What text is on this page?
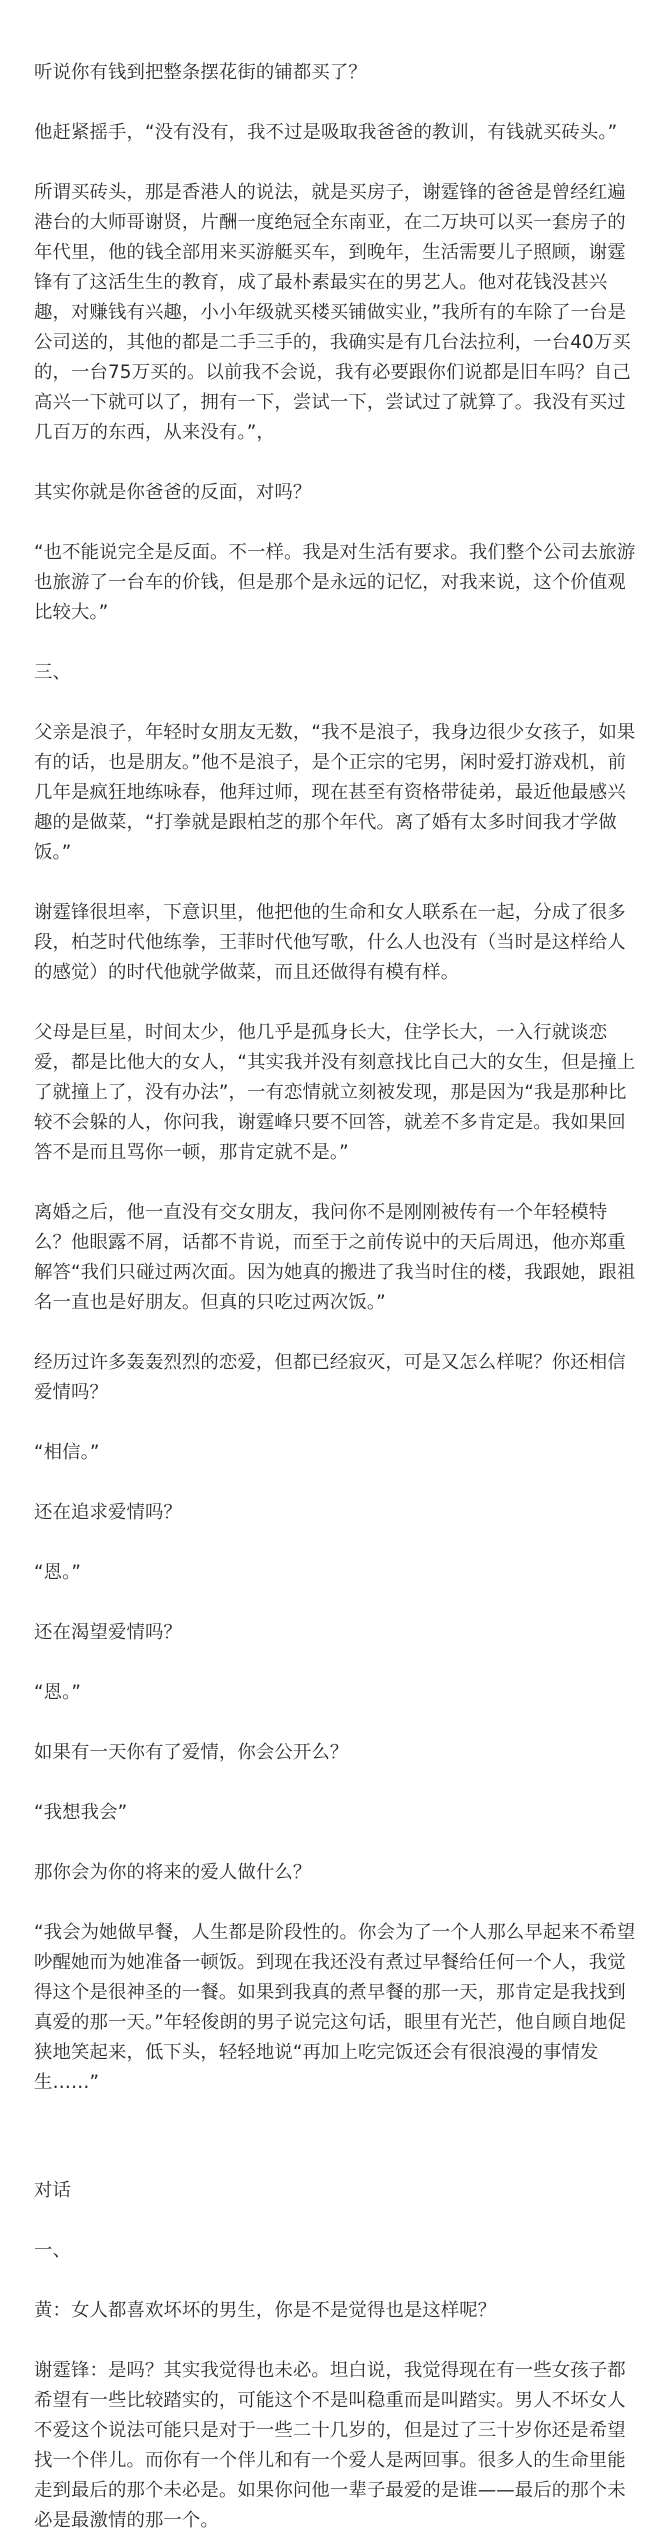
听说你有钱到把整条摆花街的铺都买了？

他赶紧摇手，“没有没有，我不过是吸取我爸爸的教训，有钱就买砖头。”

所谓买砖头，那是香港人的说法，就是买房子，谢霆锋的爸爸是曾经红遍港台的大师哥谢贤，片酬一度绝冠全东南亚，在二万块可以买一套房子的年代里，他的钱全部用来买游艇买车，到晚年，生活需要儿子照顾，谢霆锋有了这活生生的教育，成了最朴素最实在的男艺人。他对花钱没甚兴趣，对赚钱有兴趣，小小年级就买楼买铺做实业，”我所有的车除了一台是公司送的，其他的都是二手三手的，我确实是有几台法拉利，一台40万买的，一台75万买的。以前我不会说，我有必要跟你们说都是旧车吗？自己高兴一下就可以了，拥有一下，尝试一下，尝试过了就算了。我没有买过几百万的东西，从来没有。”，

其实你就是你爸爸的反面，对吗？

“也不能说完全是反面。不一样。我是对生活有要求。我们整个公司去旅游也旅游了一台车的价钱，但是那个是永远的记忆，对我来说，这个价值观比较大。”

三、

父亲是浪子，年轻时女朋友无数，“我不是浪子，我身边很少女孩子，如果有的话，也是朋友。”他不是浪子，是个正宗的宅男，闲时爱打游戏机，前几年是疯狂地练咏春，他拜过师，现在甚至有资格带徒弟，最近他最感兴趣的是做菜，“打拳就是跟柏芝的那个年代。离了婚有太多时间我才学做饭。”

谢霆锋很坦率，下意识里，他把他的生命和女人联系在一起，分成了很多段，柏芝时代他练拳，王菲时代他写歌，什么人也没有（当时是这样给人的感觉）的时代他就学做菜，而且还做得有模有样。

父母是巨星，时间太少，他几乎是孤身长大，住学长大，一入行就谈恋爱，都是比他大的女人，“其实我并没有刻意找比自己大的女生，但是撞上了就撞上了，没有办法”，一有恋情就立刻被发现，那是因为“我是那种比较不会躲的人，你问我，谢霆峰只要不回答，就差不多肯定是。我如果回答不是而且骂你一顿，那肯定就不是。”

离婚之后，他一直没有交女朋友，我问你不是刚刚被传有一个年轻模特么？他眼露不屑，话都不肯说，而至于之前传说中的天后周迅，他亦郑重解答“我们只碰过两次面。因为她真的搬进了我当时住的楼，我跟她，跟祖名一直也是好朋友。但真的只吃过两次饭。”

经历过许多轰轰烈烈的恋爱，但都已经寂灭，可是又怎么样呢？你还相信爱情吗？

“相信。”

还在追求爱情吗？

“恩。”

还在渴望爱情吗？

“恩。”

如果有一天你有了爱情，你会公开么？

“我想我会”

那你会为你的将来的爱人做什么？

“我会为她做早餐，人生都是阶段性的。你会为了一个人那么早起来不希望吵醒她而为她准备一顿饭。到现在我还没有煮过早餐给任何一个人，我觉得这个是很神圣的一餐。如果到我真的煮早餐的那一天，那肯定是我找到真爱的那一天。”年轻俊朗的男子说完这句话，眼里有光芒，他自顾自地促狭地笑起来，低下头，轻轻地说“再加上吃完饭还会有很浪漫的事情发生……”

对话

一、

黄：女人都喜欢坏坏的男生，你是不是觉得也是这样呢？

谢霆锋：是吗？其实我觉得也未必。坦白说，我觉得现在有一些女孩子都希望有一些比较踏实的，可能这个不是叫稳重而是叫踏实。男人不坏女人不爱这个说法可能只是对于一些二十几岁的，但是过了三十岁你还是希望找一个伴儿。而你有一个伴儿和有一个爱人是两回事。很多人的生命里能走到最后的那个未必是。如果你问他一辈子最爱的是谁——最后的那个未必是最激情的那一个。
